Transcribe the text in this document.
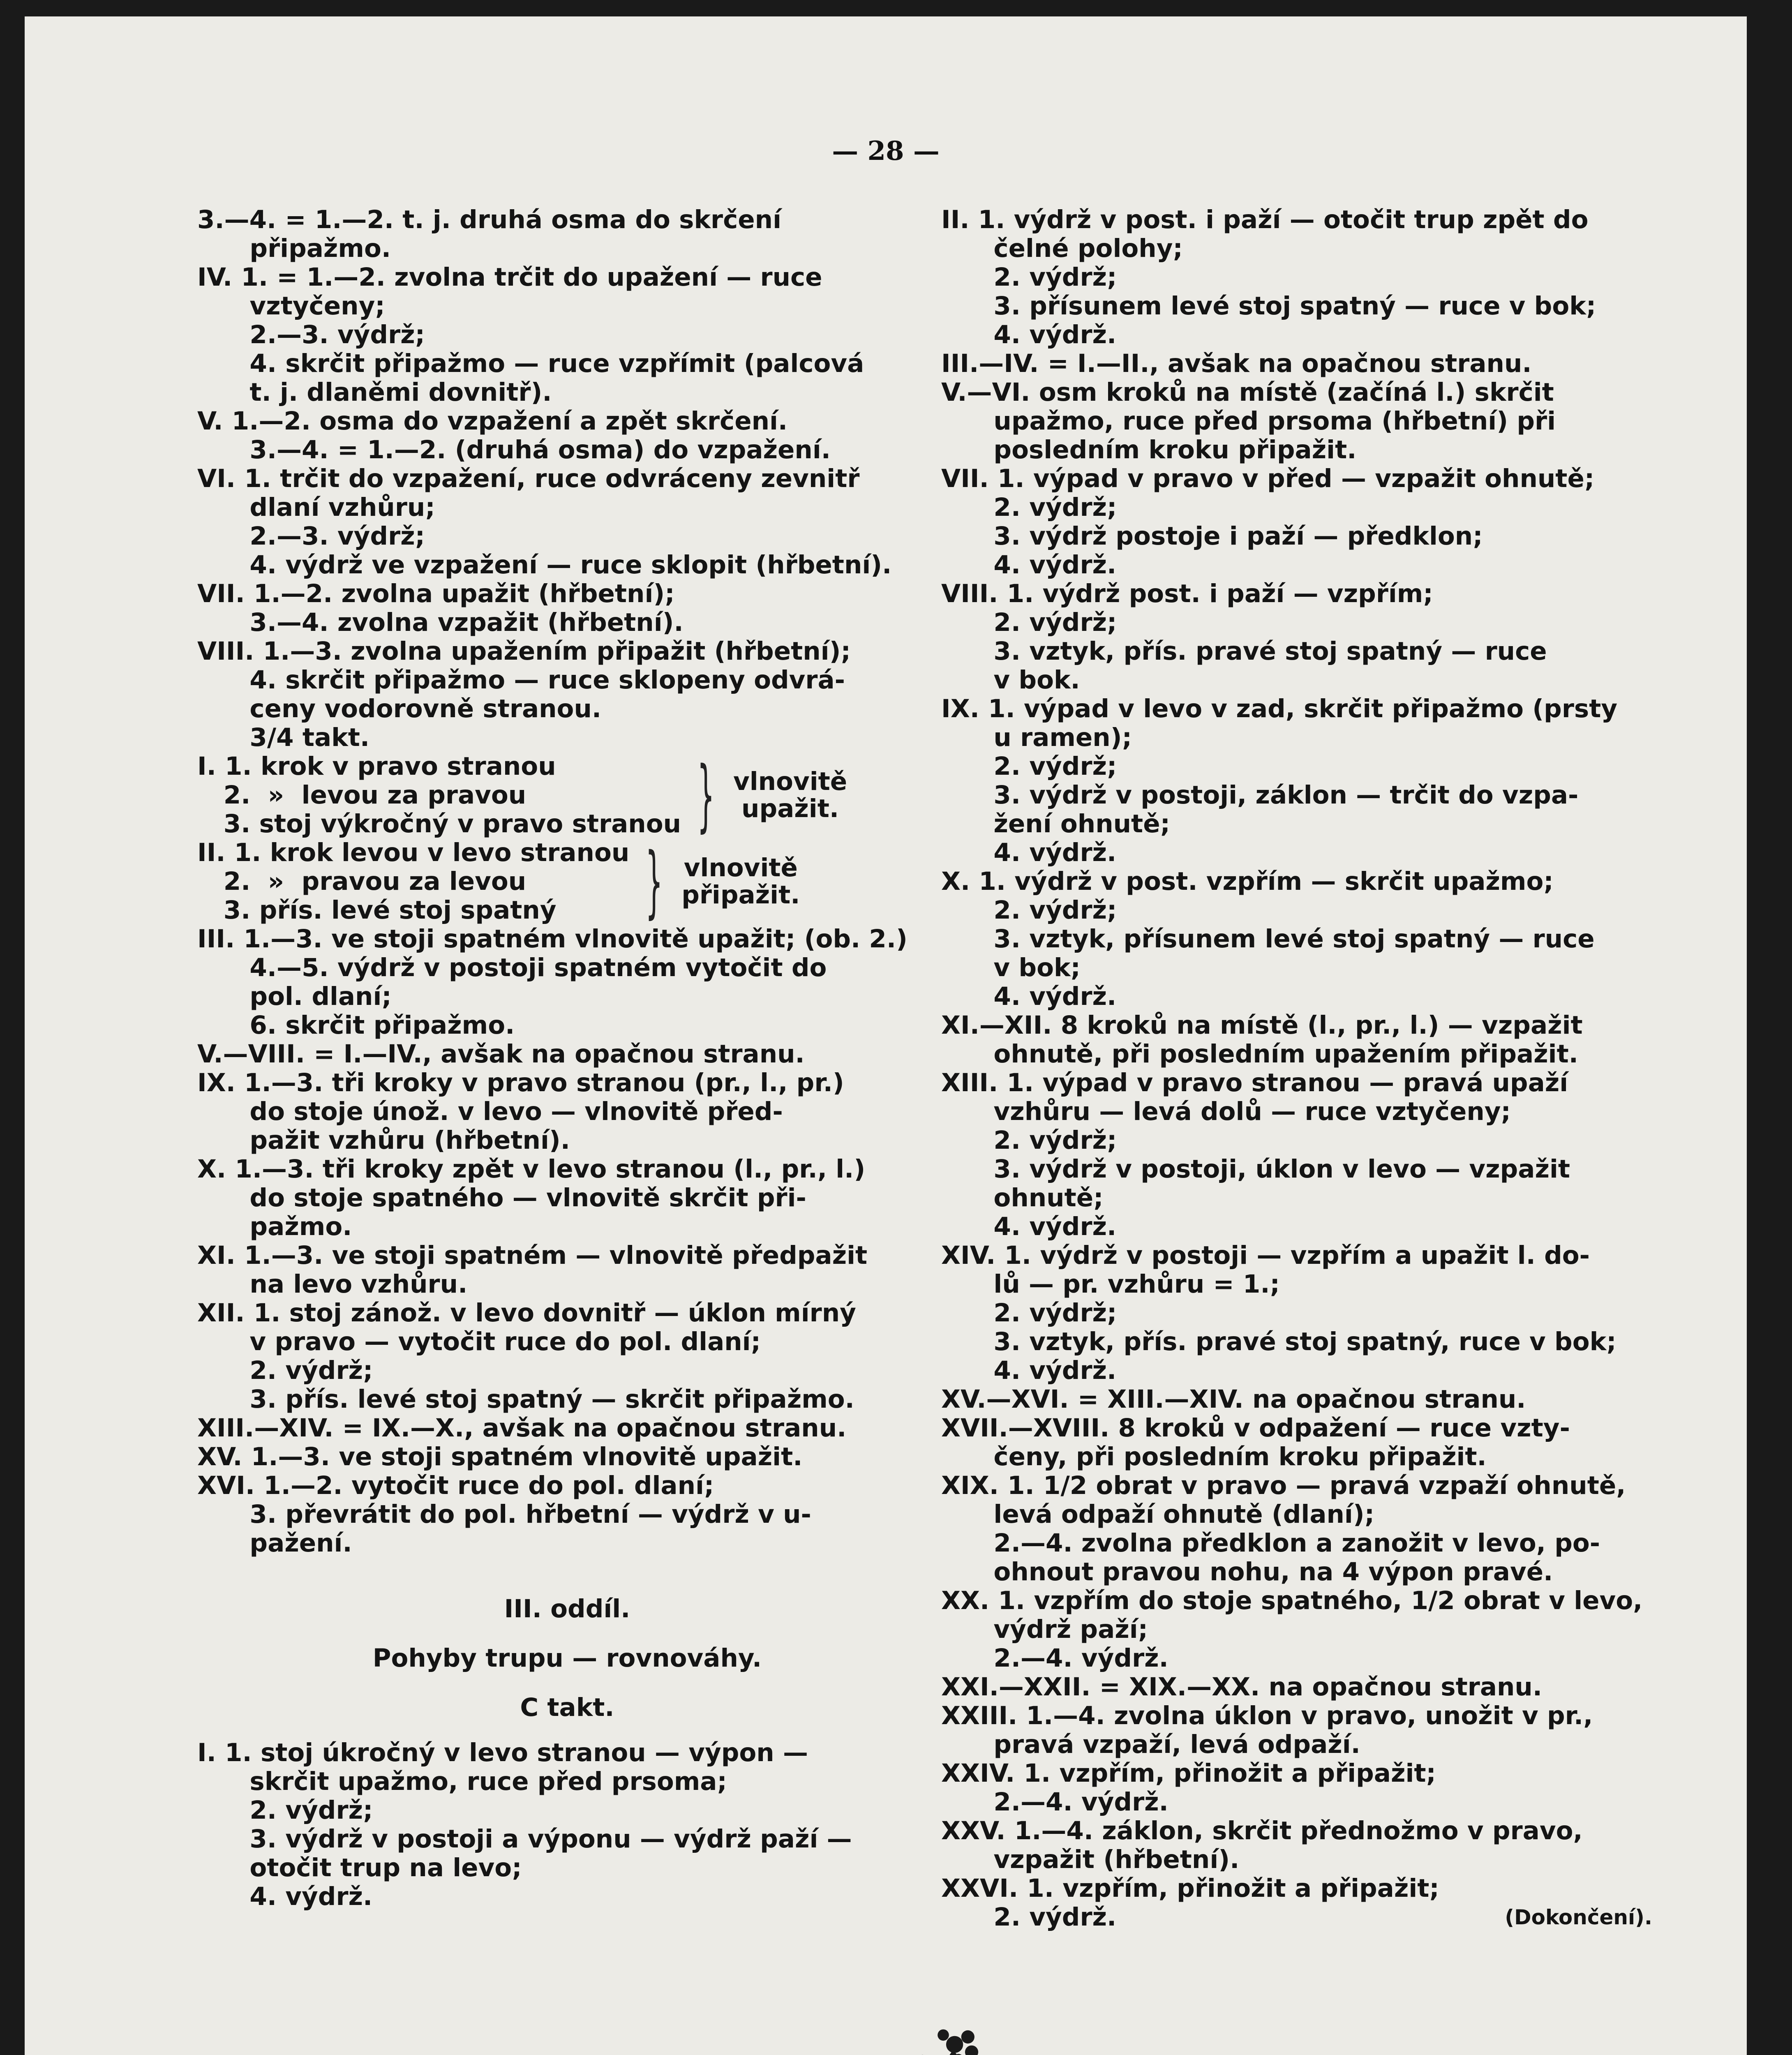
— 28 —
3.—4. = 1.—2. t. j. druhá osma do skrčení
připažmo.
IV. 1. = 1.—2. zvolna trčit do upažení — ruce
vztyčeny;
2.—3. výdrž;
4. skrčit připažmo — ruce vzpřímit (palcová
t. j. dlaněmi dovnitř).
V. 1.—2. osma do vzpažení a zpět skrčení.
3.—4. = 1.—2. (druhá osma) do vzpažení.
VI. 1. trčit do vzpažení, ruce odvráceny zevnitř
dlaní vzhůru;
2.—3. výdrž;
4. výdrž ve vzpažení — ruce sklopit (hřbetní).
VII. 1.—2. zvolna upažit (hřbetní);
3.—4. zvolna vzpažit (hřbetní).
VIII. 1.—3. zvolna upažením připažit (hřbetní);
4. skrčit připažmo — ruce sklopeny odvrá-
ceny vodorovně stranou.
3/4 takt.
I. 1. krok v pravo stranou
2.  »  levou za pravou
3. stoj výkročný v pravo stranou } vlnovitě
upažit.
II. 1. krok levou v levo stranou
2.  »  pravou za levou
3. přís. levé stoj spatný	} vlnovitě
připažit.
III. 1.—3. ve stoji spatném vlnovitě upažit; (ob. 2.)
4.—5. výdrž v postoji spatném vytočit do
pol. dlaní;
6. skrčit připažmo.
V.—VIII. = I.—IV., avšak na opačnou stranu.
IX. 1.—3. tři kroky v pravo stranou (pr., l., pr.)
do stoje únož. v levo — vlnovitě před-
pažit vzhůru (hřbetní).
X. 1.—3. tři kroky zpět v levo stranou (l., pr., l.)
do stoje spatného — vlnovitě skrčit při-
pažmo.
XI. 1.—3. ve stoji spatném — vlnovitě předpažit
na levo vzhůru.
XII. 1. stoj zánož. v levo dovnitř — úklon mírný
v pravo — vytočit ruce do pol. dlaní;
2. výdrž;
3. přís. levé stoj spatný — skrčit připažmo.
XIII.—XIV. = IX.—X., avšak na opačnou stranu.
XV. 1.—3. ve stoji spatném vlnovitě upažit.
XVI. 1.—2. vytočit ruce do pol. dlaní;
3. převrátit do pol. hřbetní — výdrž v u-
pažení.
III. oddíl.
Pohyby trupu — rovnováhy.
C takt.
I. 1. stoj úkročný v levo stranou — výpon —
skrčit upažmo, ruce před prsoma;
2. výdrž;
3. výdrž v postoji a výponu — výdrž paží —
otočit trup na levo;
4. výdrž.
II. 1. výdrž v post. i paží — otočit trup zpět do
čelné polohy;
2. výdrž;
3. přísunem levé stoj spatný — ruce v bok;
4. výdrž.
III.—IV. = I.—II., avšak na opačnou stranu.
V.—VI. osm kroků na místě (začíná l.) skrčit
upažmo, ruce před prsoma (hřbetní) při
posledním kroku připažit.
VII. 1. výpad v pravo v před — vzpažit ohnutě;
2. výdrž;
3. výdrž postoje i paží — předklon;
4. výdrž.
VIII. 1. výdrž post. i paží — vzpřím;
2. výdrž;
3. vztyk, přís. pravé stoj spatný — ruce
v bok.
IX. 1. výpad v levo v zad, skrčit připažmo (prsty
u ramen);
2. výdrž;
3. výdrž v postoji, záklon — trčit do vzpa-
žení ohnutě;
4. výdrž.
X. 1. výdrž v post. vzpřím — skrčit upažmo;
2. výdrž;
3. vztyk, přísunem levé stoj spatný — ruce
v bok;
4. výdrž.
XI.—XII. 8 kroků na místě (l., pr., l.) — vzpažit
ohnutě, při posledním upažením připažit.
XIII. 1. výpad v pravo stranou — pravá upaží
vzhůru — levá dolů — ruce vztyčeny;
2. výdrž;
3. výdrž v postoji, úklon v levo — vzpažit
ohnutě;
4. výdrž.
XIV. 1. výdrž v postoji — vzpřím a upažit l. do-
lů — pr. vzhůru = 1.;
2. výdrž;
3. vztyk, přís. pravé stoj spatný, ruce v bok;
4. výdrž.
XV.—XVI. = XIII.—XIV. na opačnou stranu.
XVII.—XVIII. 8 kroků v odpažení — ruce vzty-
čeny, při posledním kroku připažit.
XIX. 1. 1/2 obrat v pravo — pravá vzpaží ohnutě,
levá odpaží ohnutě (dlaní);
2.—4. zvolna předklon a zanožit v levo, po-
ohnout pravou nohu, na 4 výpon pravé.
XX. 1. vzpřím do stoje spatného, 1/2 obrat v levo,
výdrž paží;
2.—4. výdrž.
XXI.—XXII. = XIX.—XX. na opačnou stranu.
XXIII. 1.—4. zvolna úklon v pravo, unožit v pr.,
pravá vzpaží, levá odpaží.
XXIV. 1. vzpřím, přinožit a připažit;
2.—4. výdrž.
XXV. 1.—4. záklon, skrčit přednožmo v pravo,
vzpažit (hřbetní).
XXVI. 1. vzpřím, přinožit a připažit;
2. výdrž.	(Dokončení).
